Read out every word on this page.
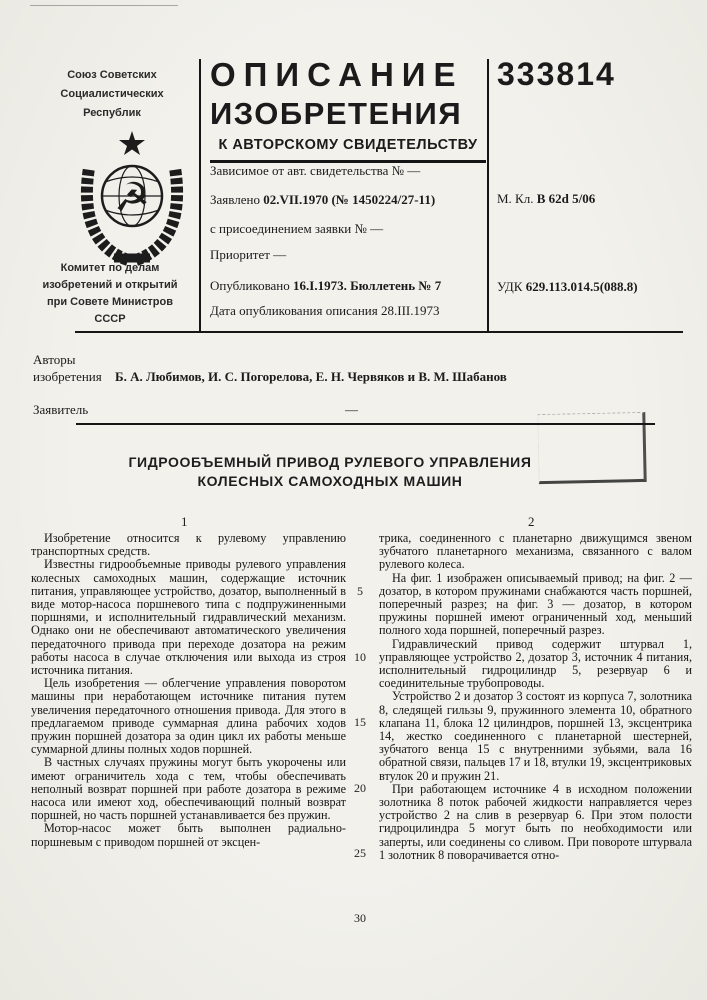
Союз Советских
Социалистических
Республик
☭
Комитет по делам
изобретений и открытий
при Совете Министров
СССР
ОПИСАНИЕ
ИЗОБРЕТЕНИЯ
К АВТОРСКОМУ СВИДЕТЕЛЬСТВУ
333814
Зависимое от авт. свидетельства № —
Заявлено 02.VII.1970 (№ 1450224/27-11)
с присоединением заявки № —
Приоритет —
Опубликовано 16.I.1973. Бюллетень № 7
Дата опубликования описания 28.III.1973
М. Кл. В 62d 5/06
УДК 629.113.014.5(088.8)
Авторы
изобретения Б. А. Любимов, И. С. Погорелова, Е. Н. Червяков и В. М. Шабанов
Заявитель	—
ГИДРООБЪЕМНЫЙ ПРИВОД РУЛЕВОГО УПРАВЛЕНИЯ
КОЛЕСНЫХ САМОХОДНЫХ МАШИН
1	2

Изобретение относится к рулевому управлению транспортных средств.

Известны гидрообъемные приводы рулевого управления колесных самоходных машин, содержащие источник питания, управляющее устройство, дозатор, выполненный в виде мотор-насоса поршневого типа с подпружиненными поршнями, и исполнительный гидравлический механизм. Однако они не обеспечивают автоматического увеличения передаточного привода при переходе дозатора на режим работы насоса в случае отключения или выхода из строя источника питания.

Цель изобретения — облегчение управления поворотом машины при неработающем источнике питания путем увеличения передаточного отношения привода. Для этого в предлагаемом приводе суммарная длина рабочих ходов пружин поршней дозатора за один цикл их работы меньше суммарной длины полных ходов поршней.

В частных случаях пружины могут быть укорочены или имеют ограничитель хода с тем, чтобы обеспечивать неполный возврат поршней при работе дозатора в режиме насоса или имеют ход, обеспечивающий полный возврат поршней, но часть поршней устанавливается без пружин.

Мотор-насос может быть выполнен радиально-поршневым с приводом поршней от эксцен-

трика, соединенного с планетарно движущимся звеном зубчатого планетарного механизма, связанного с валом рулевого колеса.

На фиг. 1 изображен описываемый привод; на фиг. 2 — дозатор, в котором пружинами снабжаются часть поршней, поперечный разрез; на фиг. 3 — дозатор, в котором пружины поршней имеют ограниченный ход, меньший полного хода поршней, поперечный разрез.

Гидравлический привод содержит штурвал 1, управляющее устройство 2, дозатор 3, источник 4 питания, исполнительный гидроцилиндр 5, резервуар 6 и соединительные трубопроводы.

Устройство 2 и дозатор 3 состоят из корпуса 7, золотника 8, следящей гильзы 9, пружинного элемента 10, обратного клапана 11, блока 12 цилиндров, поршней 13, эксцентрика 14, жестко соединенного с планетарной шестерней, зубчатого венца 15 с внутренними зубьями, вала 16 обратной связи, пальцев 17 и 18, втулки 19, эксцентриковых втулок 20 и пружин 21.

При работающем источнике 4 в исходном положении золотника 8 поток рабочей жидкости направляется через устройство 2 на слив в резервуар 6. При этом полости гидроцилиндра 5 могут быть по необходимости или заперты, или соединены со сливом. При повороте штурвала 1 золотник 8 поворачивается отно-

5
10
15
20
25
30
